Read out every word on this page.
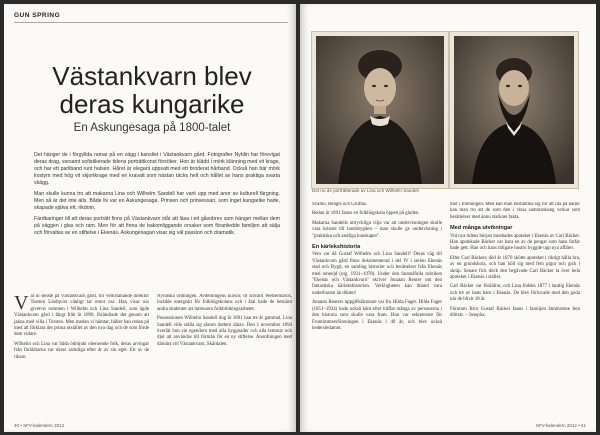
GUN SPRING
Västankvarn blev
deras kungarike
En Askungesaga på 1800-talet

Det hänger de i förgyllda ramar på en vägg i kansliet i Västankvarn gård. Fotografier Nyblin har förevigat deras drag, varsamt sofistikerade tidens porträttkonst försöker. Hon är klädd i mörk klänning med vit krage, och har ett parliband runt halsen. Håret är elegant uppsatt med ett broderat hårband. Också han bär mörk kostym med hög vit skjortkrage med en kravatt som nästan täcks helt och hållet av hans praktiga svarta skägg.

Man skulle kunna tro att makarna Lina och Wilhelm Sandell har varit upp med anor av kulturell färgning. Men så är det inte alls. Både liv var en Askungesaga. Prinsen och prinsessan, som inget kungarike hade, skapade själva ett, rikdom.

Färdkaringer till att deras porträtt finns på Västankvarn står att läsa i ett gåvobrev som hänger mellan dem på väggen i glas och ram. Men för att finna de bakomliggande orsaker som föranledde familjen att sälja och förvaltas av en stiftelse i Ekenäs. Askungesagan visar sig väl passion och dramatik.

V är ni senste på Västankvarn gård, för verkställande direktör Torsten Lindqvist vänligt tar emot oss. Han visar oss givetvis rummen i Wilhelm och Lina Sandell, som ägde Västankvarn gård i långt från år 1890, förändrade det genom att jakna med villa i Torsten. Men medan vi hämtar, håller han redan på med att förklara det prima utstället av den nya dag och de som förde dem vidare.

Wilhelm och Lina var båda ödmjukt oberoende folk, deras arvingar från föräldrarna var deras samtliga efter år av sin eget. Ett av de rikare.

Nylinska ordningen. Avdelningens kursor, dr Edvard Westermarck, inrädde energiskt för folkhögskolans och i åtal hade de bestämt andra studenter att intressera folkbildningsarbetet.

Possessionen Wilhelm Sandell dog år 1891 han tre år gammal. Lina Sandell ville ställa sig såsom dottern därav. Den 1 november 1894 överlät hon sin egendom med alla byggnader och alla lemmar och djur att användas till förmån för en ny stiftelse. Anordningen med därnäst vid Västankvarn, Skärdalen.

40 • SFV-kalendern 2012
Det nu de porträtterade av Lina och Wilhelm Sandell.

Svalbo, Bengts och Gruffas.

Redan år 1891 fanns en folkhögskola öppen på gården.

Makarna Sandells uttryckliga vilja var att undervisningen skulle vara kristen till landsbygden – man skulle ge undervisning i "praktiska och andliga kunskaper".

En kärlekshistoria

Vem var då Gustaf Wilhelm och Lina Sandell? Deras väg till Västankvarn gård finns dokumenterad i del IV i serien Ekenäs stad och Bygd, en samling historier och berättelser från Ekenäs med omnejd (utg. 1931–1978). Under den fantasifulla rubriken "Ekenäs och Västankvarn" skriver Jonatan Reuter om den fantastiska kärlekshistorien. Verkligheten kan ibland vara underbarare än dikten!

Jonatan Reuters uppgiftslämnare var fru Hilda Fager. Hilda Fager (1851–1934) hade också känt eller träffat många av personerna i den historia som skulle vara fram. Hon var sekreterare för Fruntimmersföreningen i Ekenäs i 40 år, och blev också hedersledamot.

mot i föreningen. Men kan man bestämma sig för att lita på källor kan man tro att de som den i vissa sammanhang verkar som berättelser med ännu starkare fakta.

Med många utvikningar

Vid nya tidens början innehades apoteket i Ekenäs av Carl Bäcker. Han apotekade Bäcker var bara en av de pengar som hans farfar hade gett. Han och hans tidigare hustru byggde upp nya affärer.

Efter Carl Bäckers död år 1870 skötte apoteket i riktigt hålla bra, av en grundskola, och han höll sig med fem pigor och gick i skräp. Senare fick dock den begåvade Carl Bäcker ta över hela apoteket i Ekenäs i stället.

Carl Bäcker var föräldrar, och Lina föddes 1877 i lantlig Ekenäs och tre av hans barn i Ekenäs. De blev förlovade med den goda när de blivit 18 år.

Förutom Bror Gustaf Bäcker fanns i familjen åtminstone fem döttrar. – Josepha,

SFV-kalendern 2012 • 41
